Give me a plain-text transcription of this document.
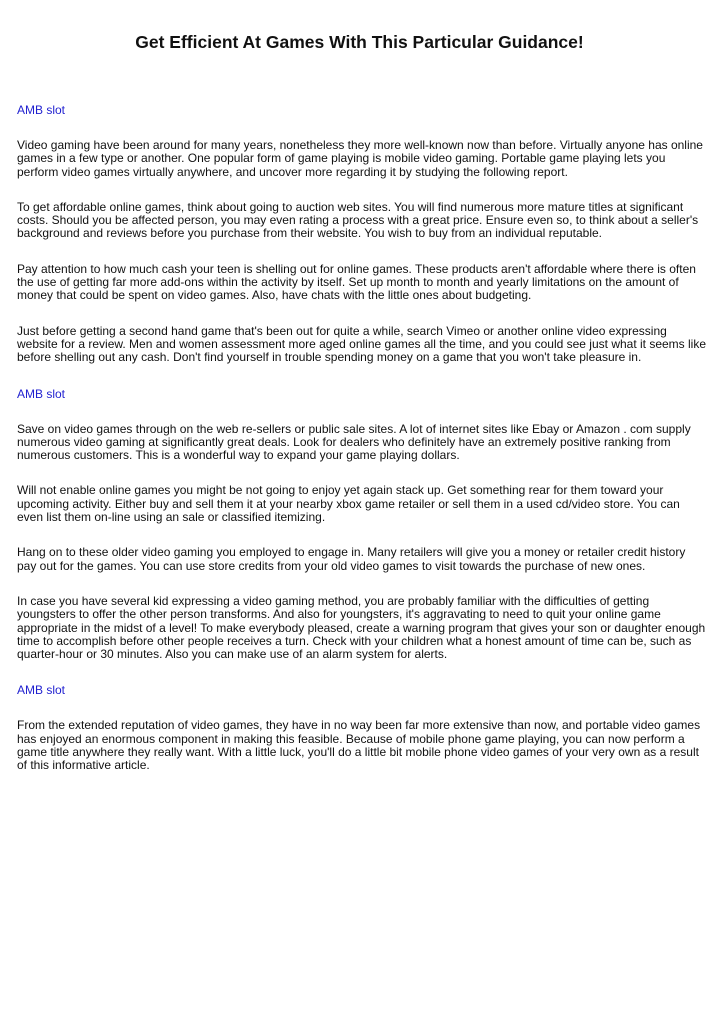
Get Efficient At Games With This Particular Guidance!
AMB slot

Video gaming have been around for many years, nonetheless they more well-known now than before. Virtually anyone has online games in a few type or another. One popular form of game playing is mobile video gaming. Portable game playing lets you perform video games virtually anywhere, and uncover more regarding it by studying the following report.

To get affordable online games, think about going to auction web sites. You will find numerous more mature titles at significant costs. Should you be affected person, you may even rating a process with a great price. Ensure even so, to think about a seller's background and reviews before you purchase from their website. You wish to buy from an individual reputable.

Pay attention to how much cash your teen is shelling out for online games. These products aren't affordable where there is often the use of getting far more add-ons within the activity by itself. Set up month to month and yearly limitations on the amount of money that could be spent on video games. Also, have chats with the little ones about budgeting.

Just before getting a second hand game that's been out for quite a while, search Vimeo or another online video expressing website for a review. Men and women assessment more aged online games all the time, and you could see just what it seems like before shelling out any cash. Don't find yourself in trouble spending money on a game that you won't take pleasure in.

AMB slot

Save on video games through on the web re-sellers or public sale sites. A lot of internet sites like Ebay or Amazon . com supply numerous video gaming at significantly great deals. Look for dealers who definitely have an extremely positive ranking from numerous customers. This is a wonderful way to expand your game playing dollars.

Will not enable online games you might be not going to enjoy yet again stack up. Get something rear for them toward your upcoming activity. Either buy and sell them it at your nearby xbox game retailer or sell them in a used cd/video store. You can even list them on-line using an sale or classified itemizing.

Hang on to these older video gaming you employed to engage in. Many retailers will give you a money or retailer credit history pay out for the games. You can use store credits from your old video games to visit towards the purchase of new ones.

In case you have several kid expressing a video gaming method, you are probably familiar with the difficulties of getting youngsters to offer the other person transforms. And also for youngsters, it's aggravating to need to quit your online game appropriate in the midst of a level! To make everybody pleased, create a warning program that gives your son or daughter enough time to accomplish before other people receives a turn. Check with your children what a honest amount of time can be, such as quarter-hour or 30 minutes. Also you can make use of an alarm system for alerts.

AMB slot

From the extended reputation of video games, they have in no way been far more extensive than now, and portable video games has enjoyed an enormous component in making this feasible. Because of mobile phone game playing, you can now perform a game title anywhere they really want. With a little luck, you'll do a little bit mobile phone video games of your very own as a result of this informative article.
